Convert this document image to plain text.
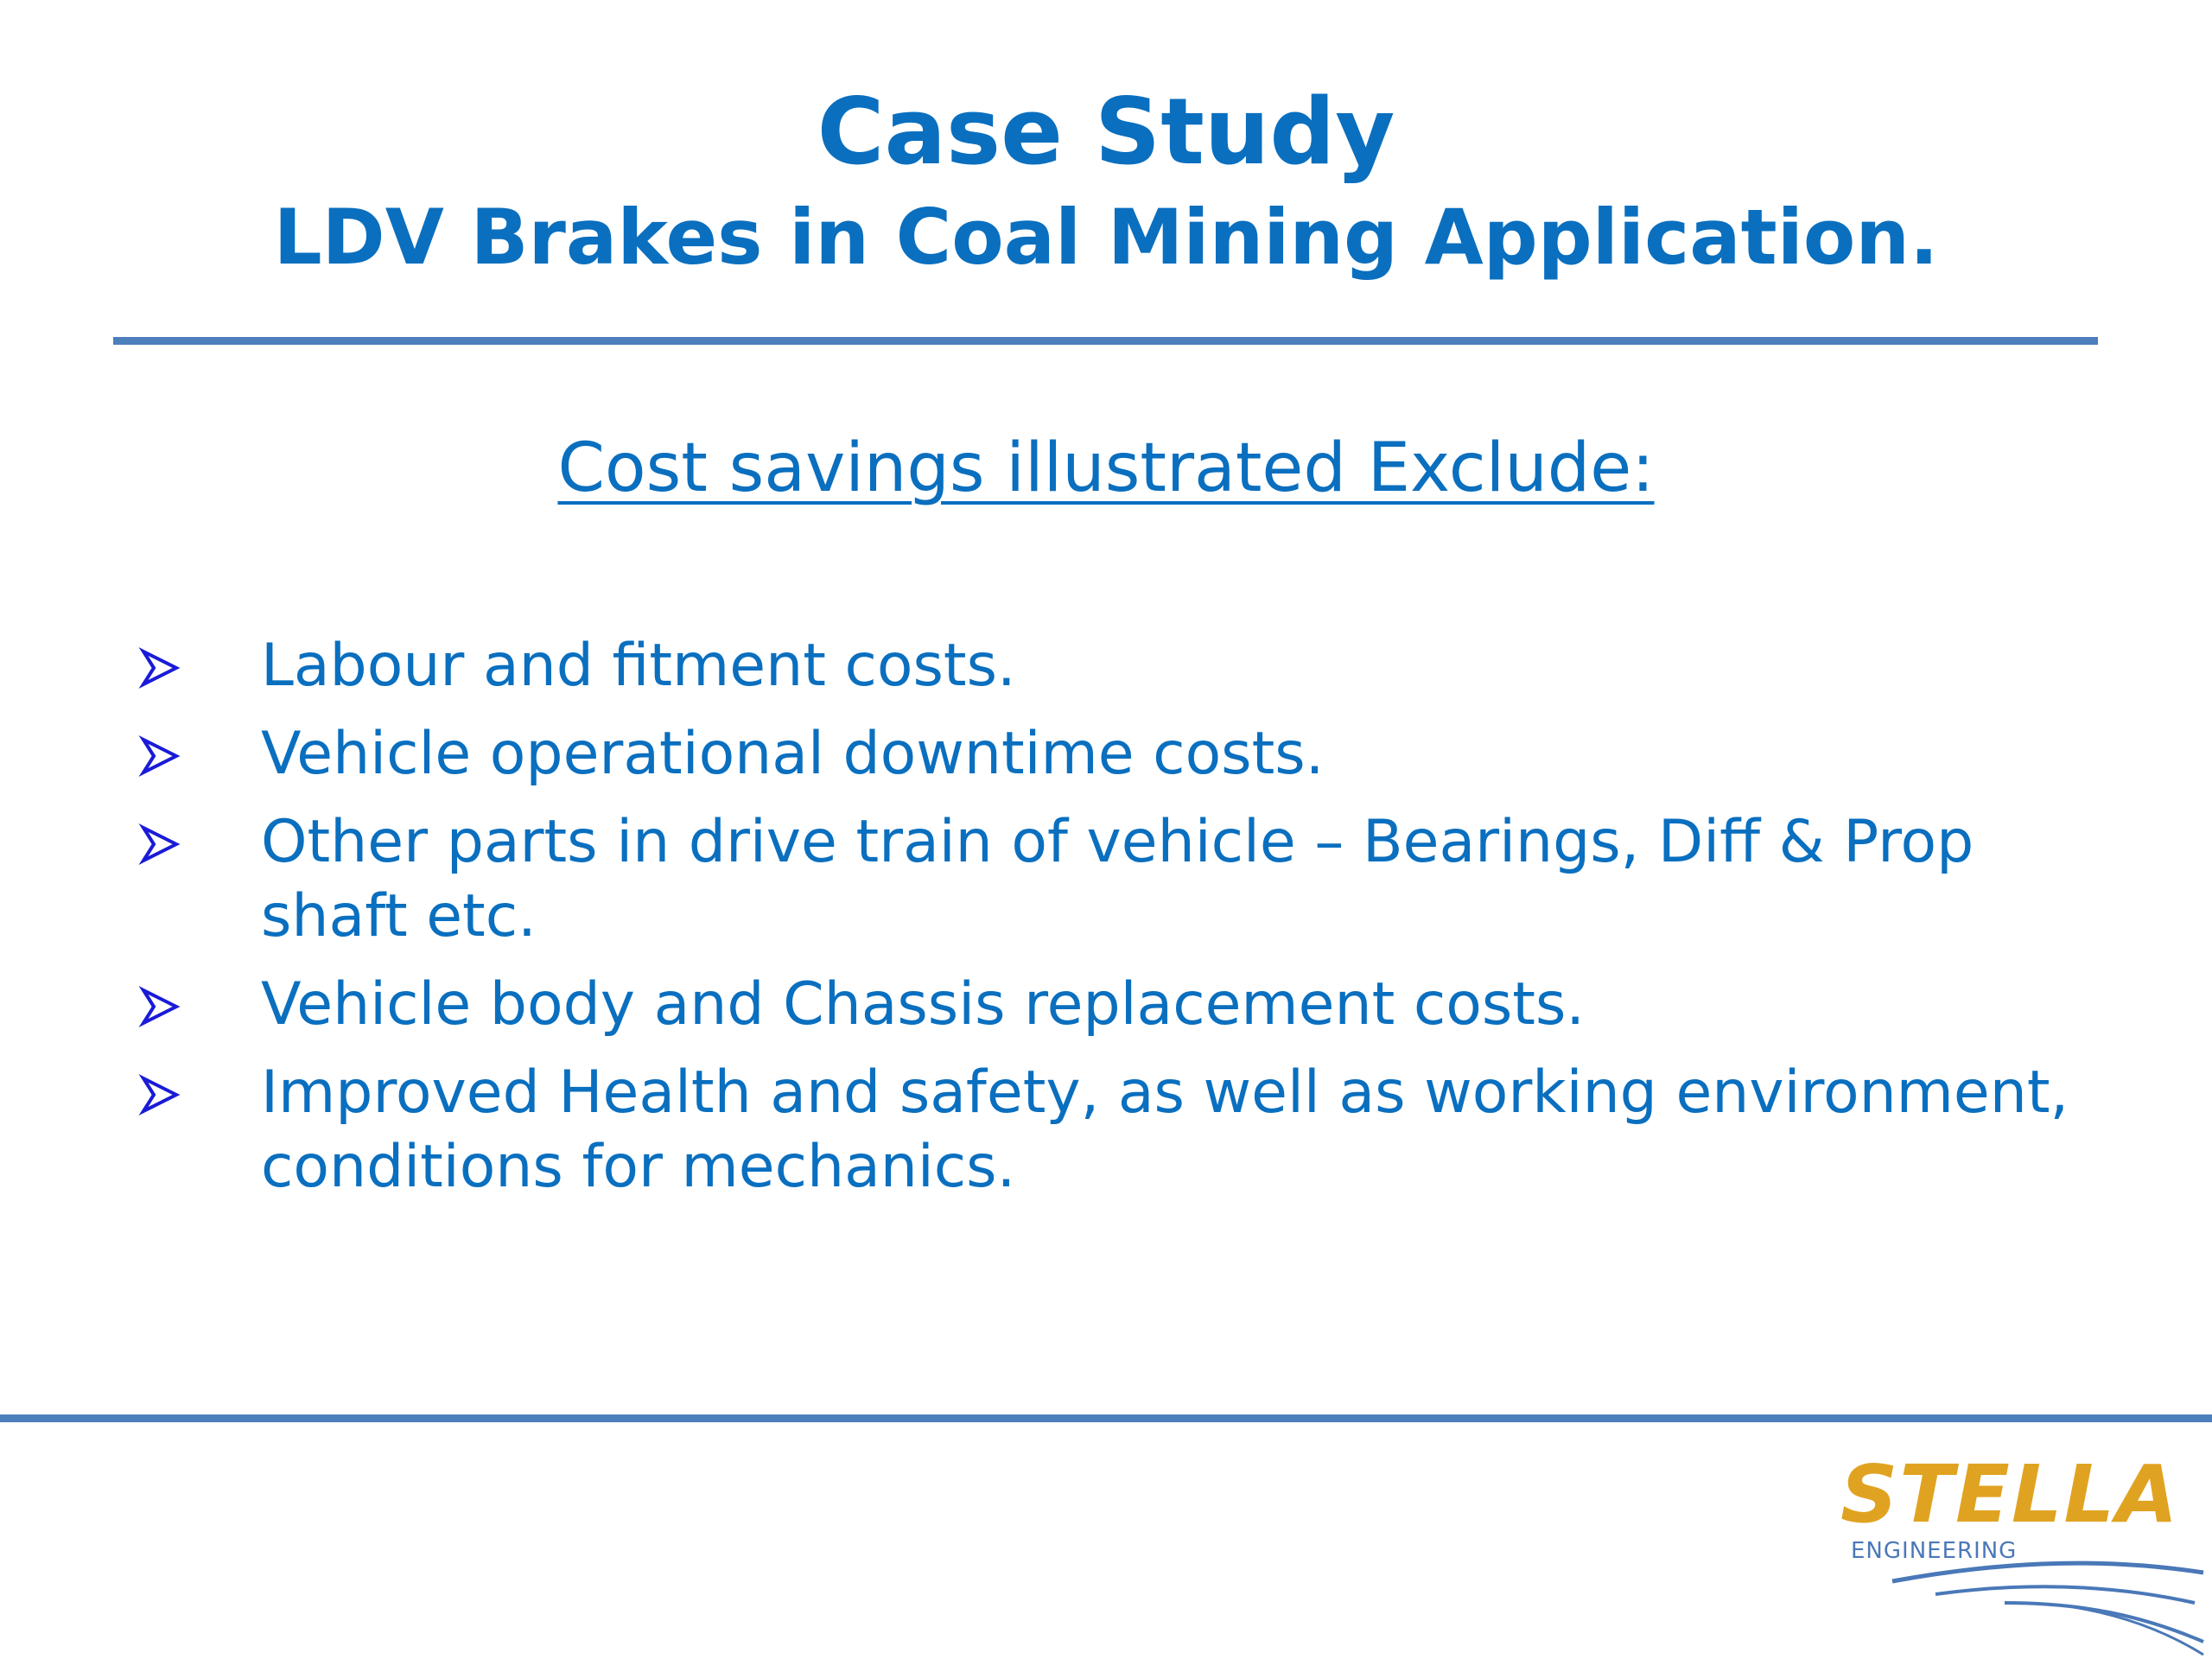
Case Study
LDV Brakes in Coal Mining Application.
Cost savings illustrated Exclude:
Labour and fitment costs.
Vehicle operational downtime costs.
Other parts in drive train of vehicle – Bearings, Diff & Prop shaft etc.
Vehicle body and Chassis replacement costs.
Improved Health and safety, as well as working environment, conditions for mechanics.
STELLA
ENGINEERING
